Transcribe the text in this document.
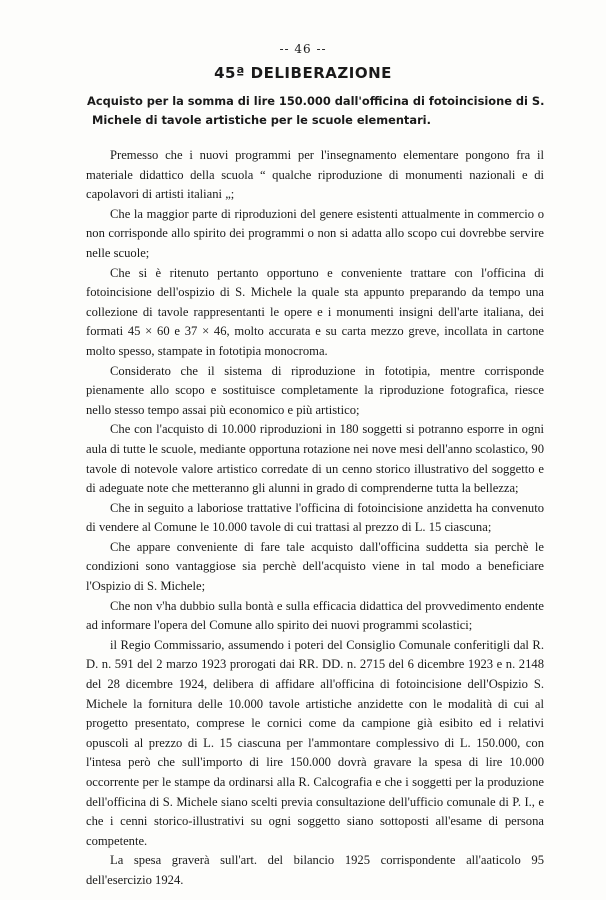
-- 46 --
45ª DELIBERAZIONE
Acquisto per la somma di lire 150.000 dall'officina di fotoincisione di S. Michele di tavole artistiche per le scuole elementari.

Premesso che i nuovi programmi per l'insegnamento elementare pongono fra il materiale didattico della scuola “ qualche riproduzione di monumenti nazionali e di capolavori di artisti italiani „;

Che la maggior parte di riproduzioni del genere esistenti attualmente in commercio o non corrisponde allo spirito dei programmi o non si adatta allo scopo cui dovrebbe servire nelle scuole;

Che si è ritenuto pertanto opportuno e conveniente trattare con l'officina di fotoincisione dell'ospizio di S. Michele la quale sta appunto preparando da tempo una collezione di tavole rappresentanti le opere e i monumenti insigni dell'arte italiana, dei formati 45 × 60 e 37 × 46, molto accurata e su carta mezzo greve, incollata in cartone molto spesso, stampate in fototipia monocroma.

Considerato che il sistema di riproduzione in fototipia, mentre corrisponde pienamente allo scopo e sostituisce completamente la riproduzione fotografica, riesce nello stesso tempo assai più economico e più artistico;

Che con l'acquisto di 10.000 riproduzioni in 180 soggetti si potranno esporre in ogni aula di tutte le scuole, mediante opportuna rotazione nei nove mesi dell'anno scolastico, 90 tavole di notevole valore artistico corredate di un cenno storico illustrativo del soggetto e di adeguate note che metteranno gli alunni in grado di comprenderne tutta la bellezza;

Che in seguito a laboriose trattative l'officina di fotoincisione anzidetta ha convenuto di vendere al Comune le 10.000 tavole di cui trattasi al prezzo di L. 15 ciascuna;

Che appare conveniente di fare tale acquisto dall'officina suddetta sia perchè le condizioni sono vantaggiose sia perchè dell'acquisto viene in tal modo a beneficiare l'Ospizio di S. Michele;

Che non v'ha dubbio sulla bontà e sulla efficacia didattica del provvedimento endente ad informare l'opera del Comune allo spirito dei nuovi programmi scolastici;

il Regio Commissario, assumendo i poteri del Consiglio Comunale conferitigli dal R. D. n. 591 del 2 marzo 1923 prorogati dai RR. DD. n. 2715 del 6 dicembre 1923 e n. 2148 del 28 dicembre 1924, delibera di affidare all'officina di fotoincisione dell'Ospizio S. Michele la fornitura delle 10.000 tavole artistiche anzidette con le modalità di cui al progetto presentato, comprese le cornici come da campione già esibito ed i relativi opuscoli al prezzo di L. 15 ciascuna per l'ammontare complessivo di L. 150.000, con l'intesa però che sull'importo di lire 150.000 dovrà gravare la spesa di lire 10.000 occorrente per le stampe da ordinarsi alla R. Calcografia e che i soggetti per la produzione dell'officina di S. Michele siano scelti previa consultazione dell'ufficio comunale di P. I., e che i cenni storico-illustrativi su ogni soggetto siano sottoposti all'esame di persona competente.

La spesa graverà sull'art. del bilancio 1925 corrispondente all'aaticolo 95 dell'esercizio 1924.
